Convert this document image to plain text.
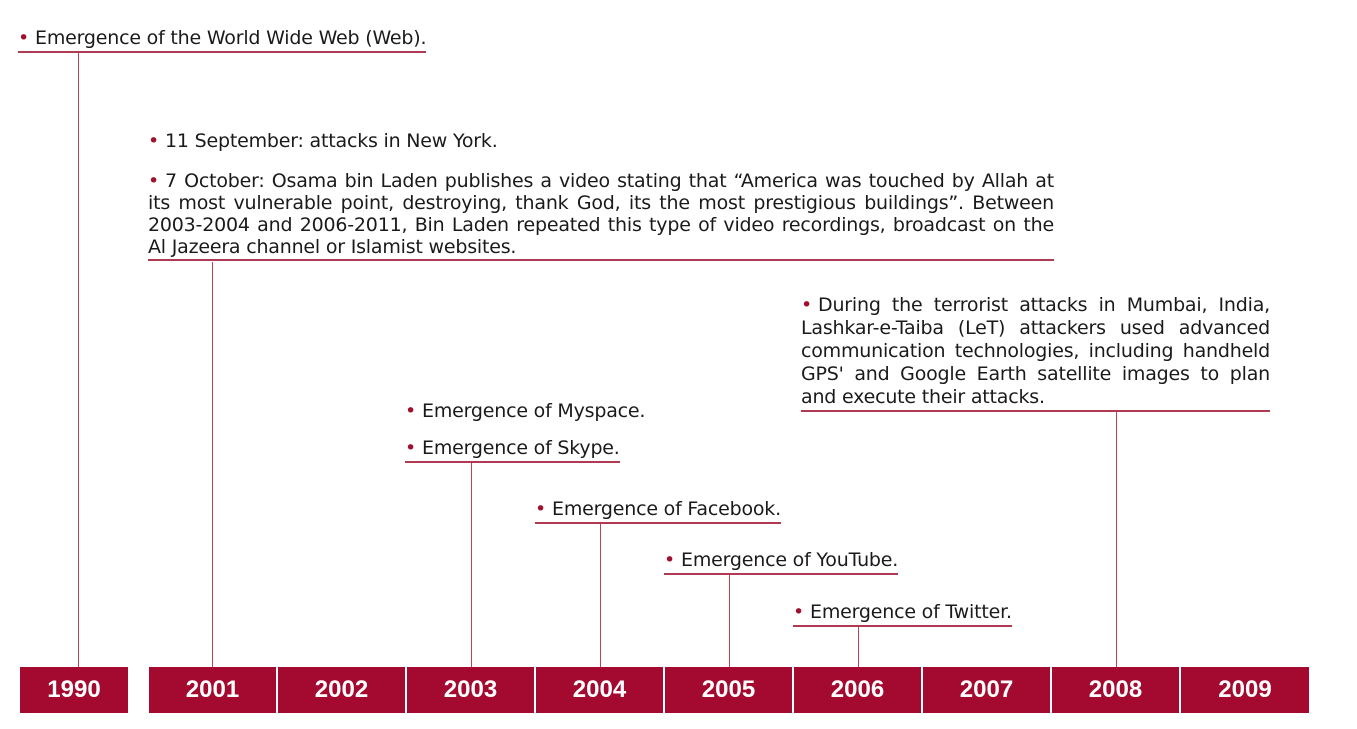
• Emergence of the World Wide Web (Web).
• 11 September: attacks in New York.

• 7 October: Osama bin Laden publishes a video stating that “America was touched by Allah at its most vulnerable point, destroying, thank God, its the most prestigious buildings”. Between 2003-2004 and 2006-2011, Bin Laden repeated this type of video recordings, broadcast on the Al Jazeera channel or Islamist websites.

• Emergence of Myspace.
• Emergence of Skype.
• Emergence of Facebook.
• Emergence of YouTube.
• Emergence of Twitter.

• During the terrorist attacks in Mumbai, India, Lashkar-e-Taiba (LeT) attackers used advanced communication technologies, including handheld GPS' and Google Earth satellite images to plan and execute their attacks.

1990	2001	2002	2003	2004	2005	2006	2007	2008	2009
